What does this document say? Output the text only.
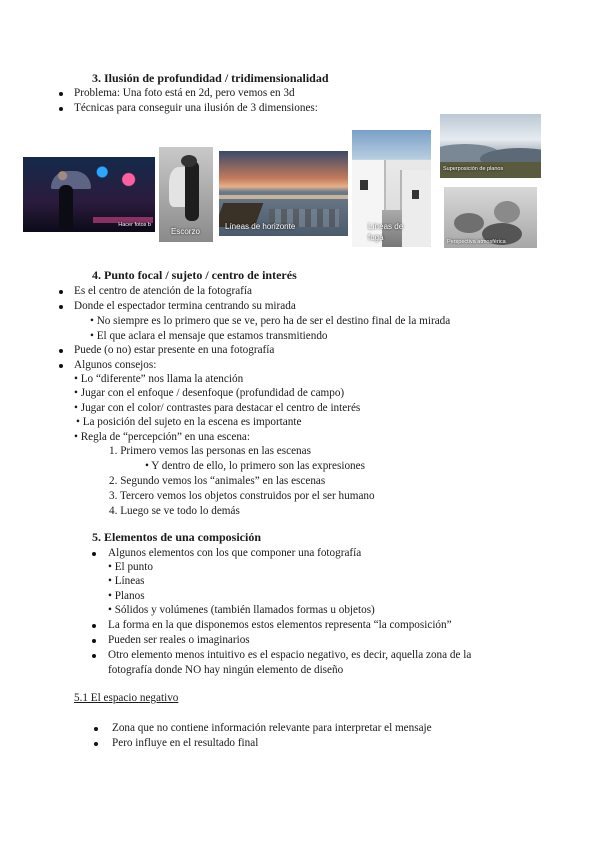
3. Ilusión de profundidad / tridimensionalidad
Problema: Una foto está en 2d, pero vemos en 3d
Técnicas para conseguir una ilusión de 3 dimensiones:
Hacer fotos b
Escorzo
Líneas de horizonte	Líneas de
fuga
Superposición de planos
Perspectiva atmosférica
4. Punto focal / sujeto / centro de interés
Es el centro de atención de la fotografía
Donde el espectador termina centrando su mirada
• No siempre es lo primero que se ve, pero ha de ser el destino final de la mirada
• El que aclara el mensaje que estamos transmitiendo
Puede (o no) estar presente en una fotografía
Algunos consejos:
• Lo “diferente” nos llama la atención
• Jugar con el enfoque / desenfoque (profundidad de campo)
• Jugar con el color/ contrastes para destacar el centro de interés
• La posición del sujeto en la escena es importante
• Regla de “percepción” en una escena:
1. Primero vemos las personas en las escenas
• Y dentro de ello, lo primero son las expresiones
2. Segundo vemos los “animales” en las escenas
3. Tercero vemos los objetos construidos por el ser humano
4. Luego se ve todo lo demás
5. Elementos de una composición
Algunos elementos con los que componer una fotografía
• El punto
• Líneas
• Planos
• Sólidos y volúmenes (también llamados formas u objetos)
La forma en la que disponemos estos elementos representa “la composición”
Pueden ser reales o imaginarios
Otro elemento menos intuitivo es el espacio negativo, es decir, aquella zona de la
fotografía donde NO hay ningún elemento de diseño
5.1 El espacio negativo
Zona que no contiene información relevante para interpretar el mensaje
Pero influye en el resultado final
